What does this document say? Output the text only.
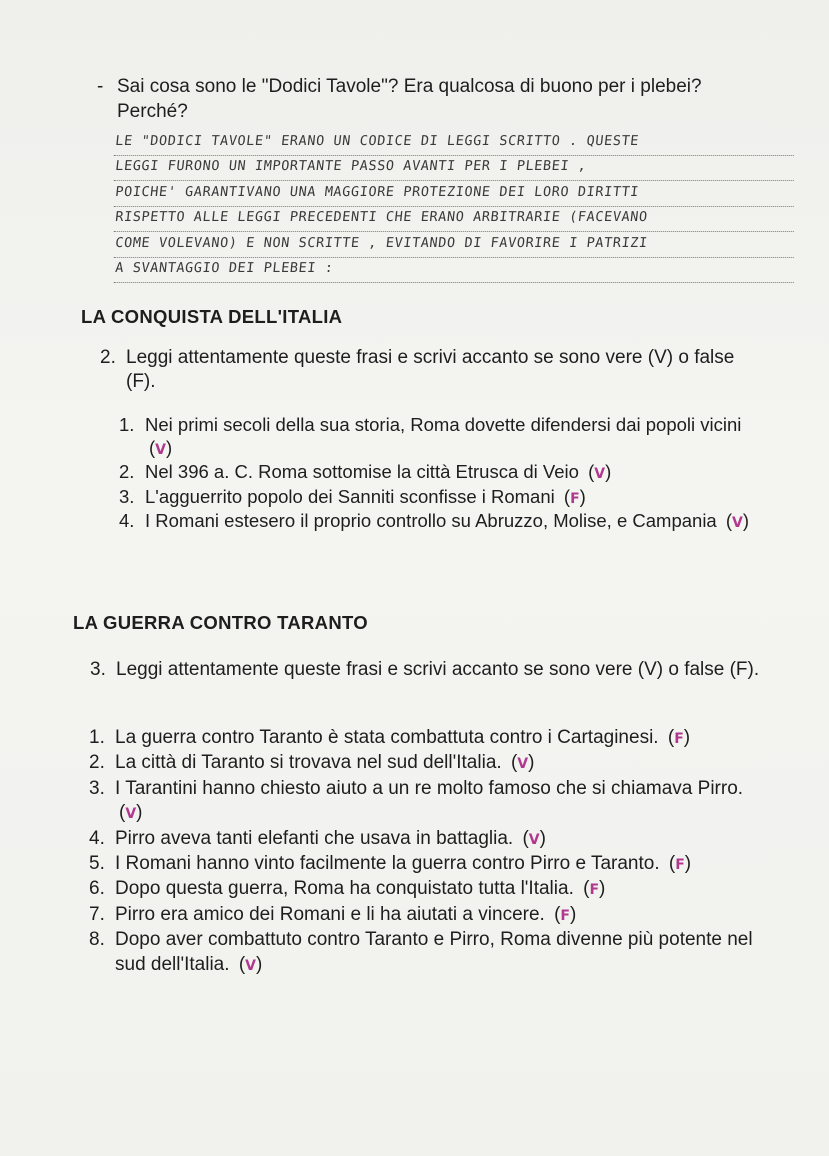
- Sai cosa sono le "Dodici Tavole"? Era qualcosa di buono per i plebei? Perché?
LE "DODICI TAVOLE" ERANO UN CODICE DI LEGGI SCRITTO . QUESTE
LEGGI FURONO UN IMPORTANTE PASSO AVANTI PER I PLEBEI ,
POICHE' GARANTIVANO UNA MAGGIORE PROTEZIONE DEI LORO DIRITTI
RISPETTO ALLE LEGGI PRECEDENTI CHE ERANO ARBITRARIE (FACEVANO
COME VOLEVANO) E NON SCRITTE , EVITANDO DI FAVORIRE I PATRIZI
A SVANTAGGIO DEI PLEBEI :
LA CONQUISTA DELL'ITALIA
2. Leggi attentamente queste frasi e scrivi accanto se sono vere (V) o false (F).
1. Nei primi secoli della sua storia, Roma dovette difendersi dai popoli vicini (V)
2. Nel 396 a. C. Roma sottomise la città Etrusca di Veio (V)
3. L'agguerrito popolo dei Sanniti sconfisse i Romani (F)
4. I Romani estesero il proprio controllo su Abruzzo, Molise, e Campania (V)
LA GUERRA CONTRO TARANTO
3. Leggi attentamente queste frasi e scrivi accanto se sono vere (V) o false (F).
1. La guerra contro Taranto è stata combattuta contro i Cartaginesi. (F)
2. La città di Taranto si trovava nel sud dell'Italia. (V)
3. I Tarantini hanno chiesto aiuto a un re molto famoso che si chiamava Pirro. (V)
4. Pirro aveva tanti elefanti che usava in battaglia. (V)
5. I Romani hanno vinto facilmente la guerra contro Pirro e Taranto. (F)
6. Dopo questa guerra, Roma ha conquistato tutta l'Italia. (F)
7. Pirro era amico dei Romani e li ha aiutati a vincere. (F)
8. Dopo aver combattuto contro Taranto e Pirro, Roma divenne più potente nel sud dell'Italia. (V)
